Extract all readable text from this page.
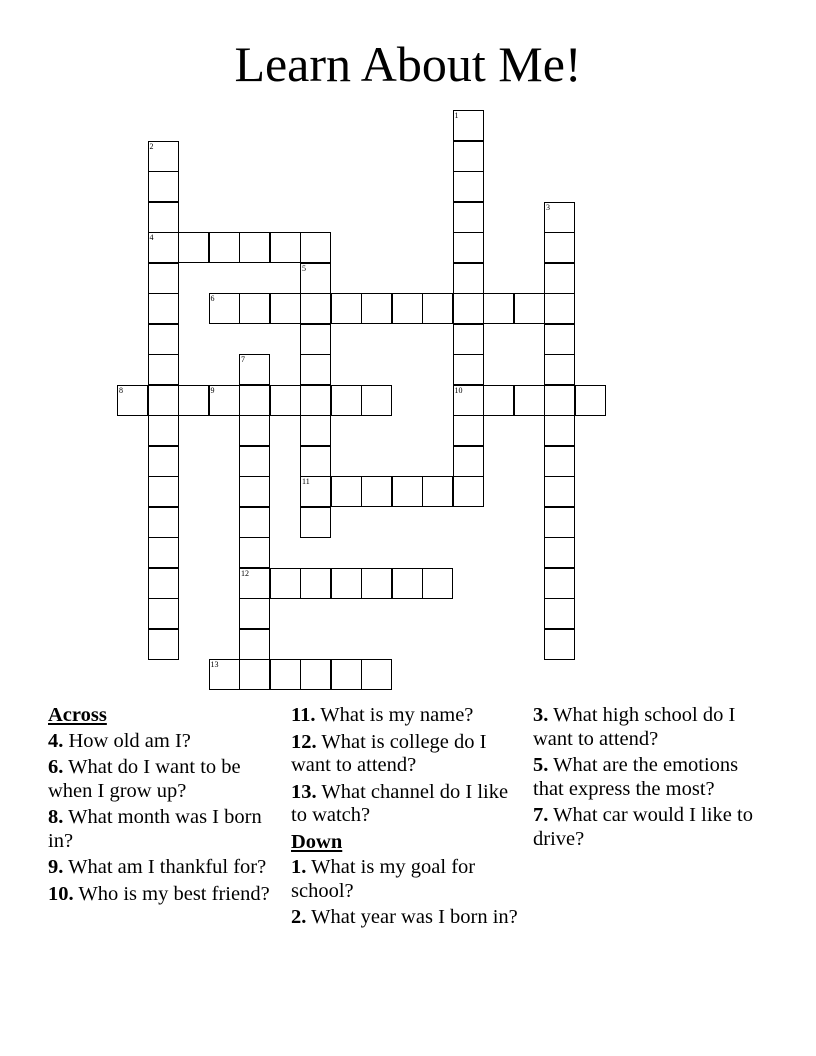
Learn About Me!
1
10
2
4
3
5
11
6
7
12
8	9
13
Across
4. How old am I?
6. What do I want to be when I grow up?
8. What month was I born in?
9. What am I thankful for?
10. Who is my best friend?
11. What is my name?
12. What is college do I want to attend?
13. What channel do I like to watch?
Down
1. What is my goal for school?
2. What year was I born in?
3. What high school do I want to attend?
5. What are the emotions that express the most?
7. What car would I like to drive?
